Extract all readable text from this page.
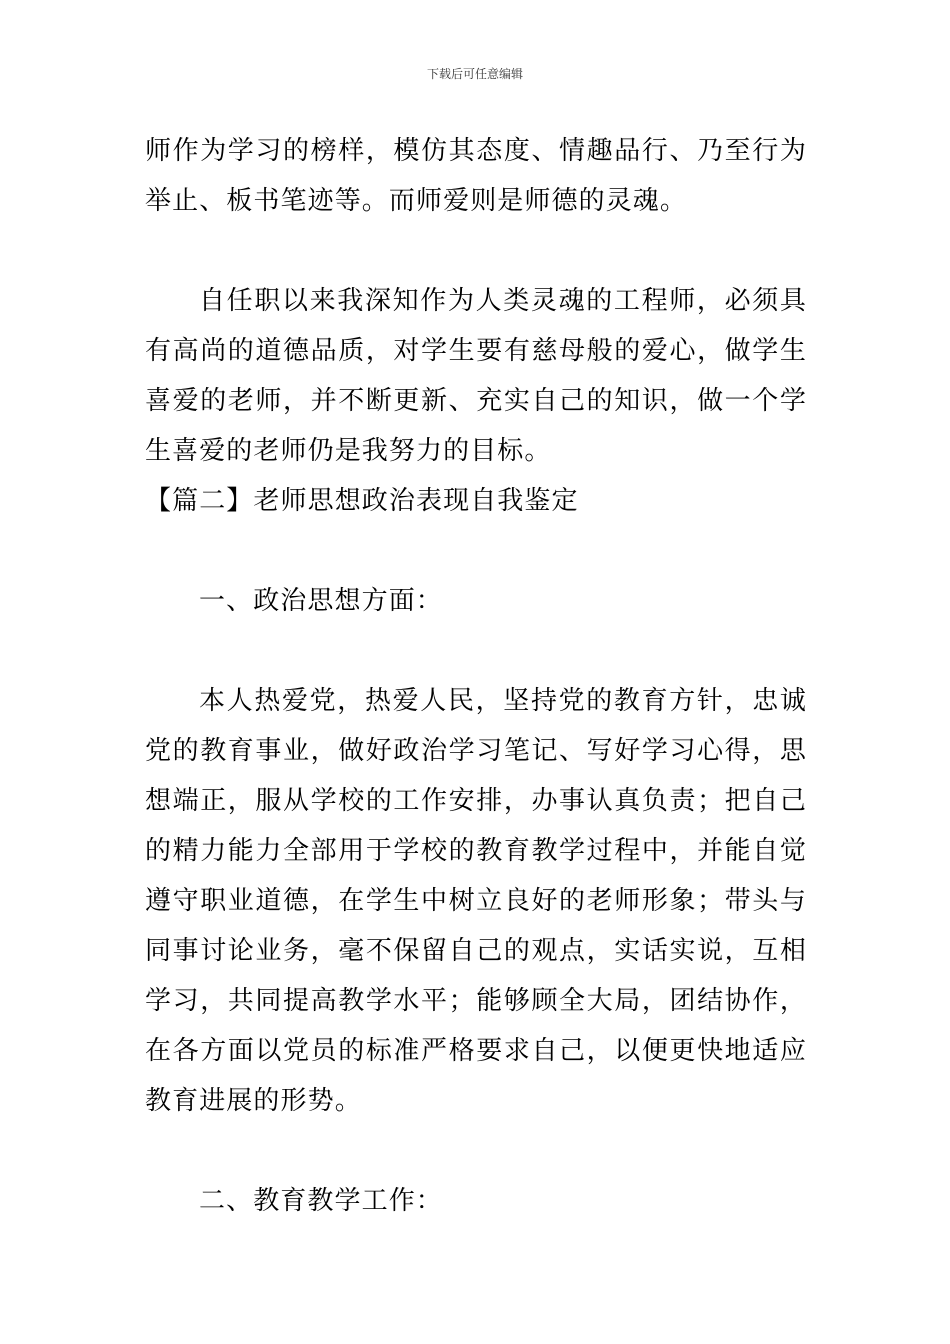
下载后可任意编辑

师作为学习的榜样，模仿其态度、情趣品行、乃至行为举止、板书笔迹等。而师爱则是师德的灵魂。

自任职以来我深知作为人类灵魂的工程师，必须具有高尚的道德品质，对学生要有慈母般的爱心，做学生喜爱的老师，并不断更新、充实自己的知识，做一个学生喜爱的老师仍是我努力的目标。

【篇二】老师思想政治表现自我鉴定

一、政治思想方面：

本人热爱党，热爱人民，坚持党的教育方针，忠诚党的教育事业，做好政治学习笔记、写好学习心得，思想端正，服从学校的工作安排，办事认真负责；把自己的精力能力全部用于学校的教育教学过程中，并能自觉遵守职业道德，在学生中树立良好的老师形象；带头与同事讨论业务，毫不保留自己的观点，实话实说，互相学习，共同提高教学水平；能够顾全大局，团结协作，在各方面以党员的标准严格要求自己，以便更快地适应教育进展的形势。

二、教育教学工作：
